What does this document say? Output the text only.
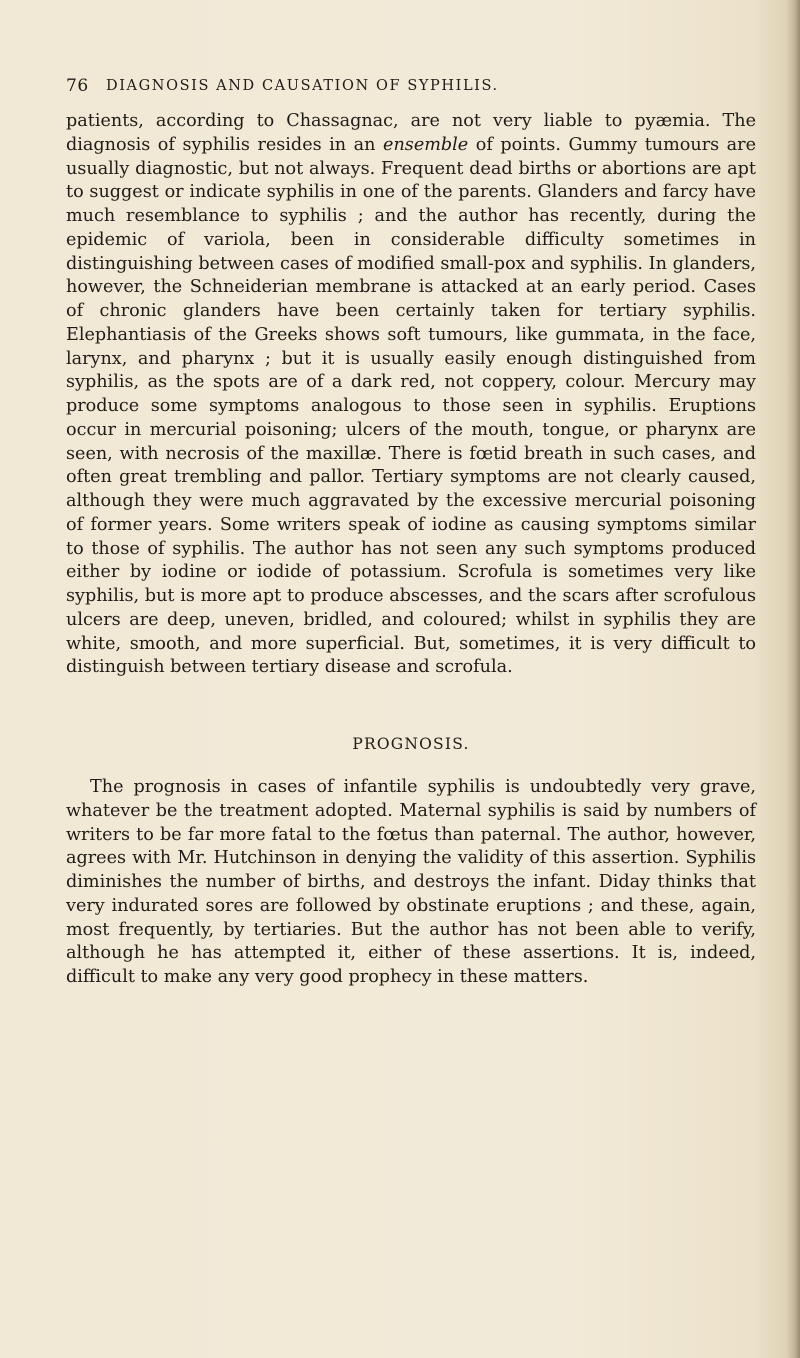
76 DIAGNOSIS AND CAUSATION OF SYPHILIS.

patients, according to Chassagnac, are not very liable to pyæmia. The diagnosis of syphilis resides in an ensemble of points. Gummy tumours are usually diagnostic, but not always. Frequent dead births or abortions are apt to suggest or indicate syphilis in one of the parents. Glanders and farcy have much resemblance to syphilis ; and the author has recently, during the epidemic of variola, been in considerable difficulty sometimes in distinguishing between cases of modified small-pox and syphilis. In glanders, however, the Schneiderian membrane is attacked at an early period. Cases of chronic glanders have been certainly taken for tertiary syphilis. Elephantiasis of the Greeks shows soft tumours, like gummata, in the face, larynx, and pharynx ; but it is usually easily enough distinguished from syphilis, as the spots are of a dark red, not coppery, colour. Mercury may produce some symptoms analogous to those seen in syphilis. Eruptions occur in mercurial poisoning; ulcers of the mouth, tongue, or pharynx are seen, with necrosis of the maxillæ. There is fœtid breath in such cases, and often great trembling and pallor. Tertiary symptoms are not clearly caused, although they were much aggravated by the excessive mercurial poisoning of former years. Some writers speak of iodine as causing symptoms similar to those of syphilis. The author has not seen any such symptoms produced either by iodine or iodide of potassium. Scrofula is sometimes very like syphilis, but is more apt to produce abscesses, and the scars after scrofulous ulcers are deep, uneven, bridled, and coloured; whilst in syphilis they are white, smooth, and more superficial. But, sometimes, it is very difficult to distinguish between tertiary disease and scrofula.

PROGNOSIS.

The prognosis in cases of infantile syphilis is undoubtedly very grave, whatever be the treatment adopted. Maternal syphilis is said by numbers of writers to be far more fatal to the fœtus than paternal. The author, however, agrees with Mr. Hutchinson in denying the validity of this assertion. Syphilis diminishes the number of births, and destroys the infant. Diday thinks that very indurated sores are followed by obstinate eruptions ; and these, again, most frequently, by tertiaries. But the author has not been able to verify, although he has attempted it, either of these assertions. It is, indeed, difficult to make any very good prophecy in these matters.
